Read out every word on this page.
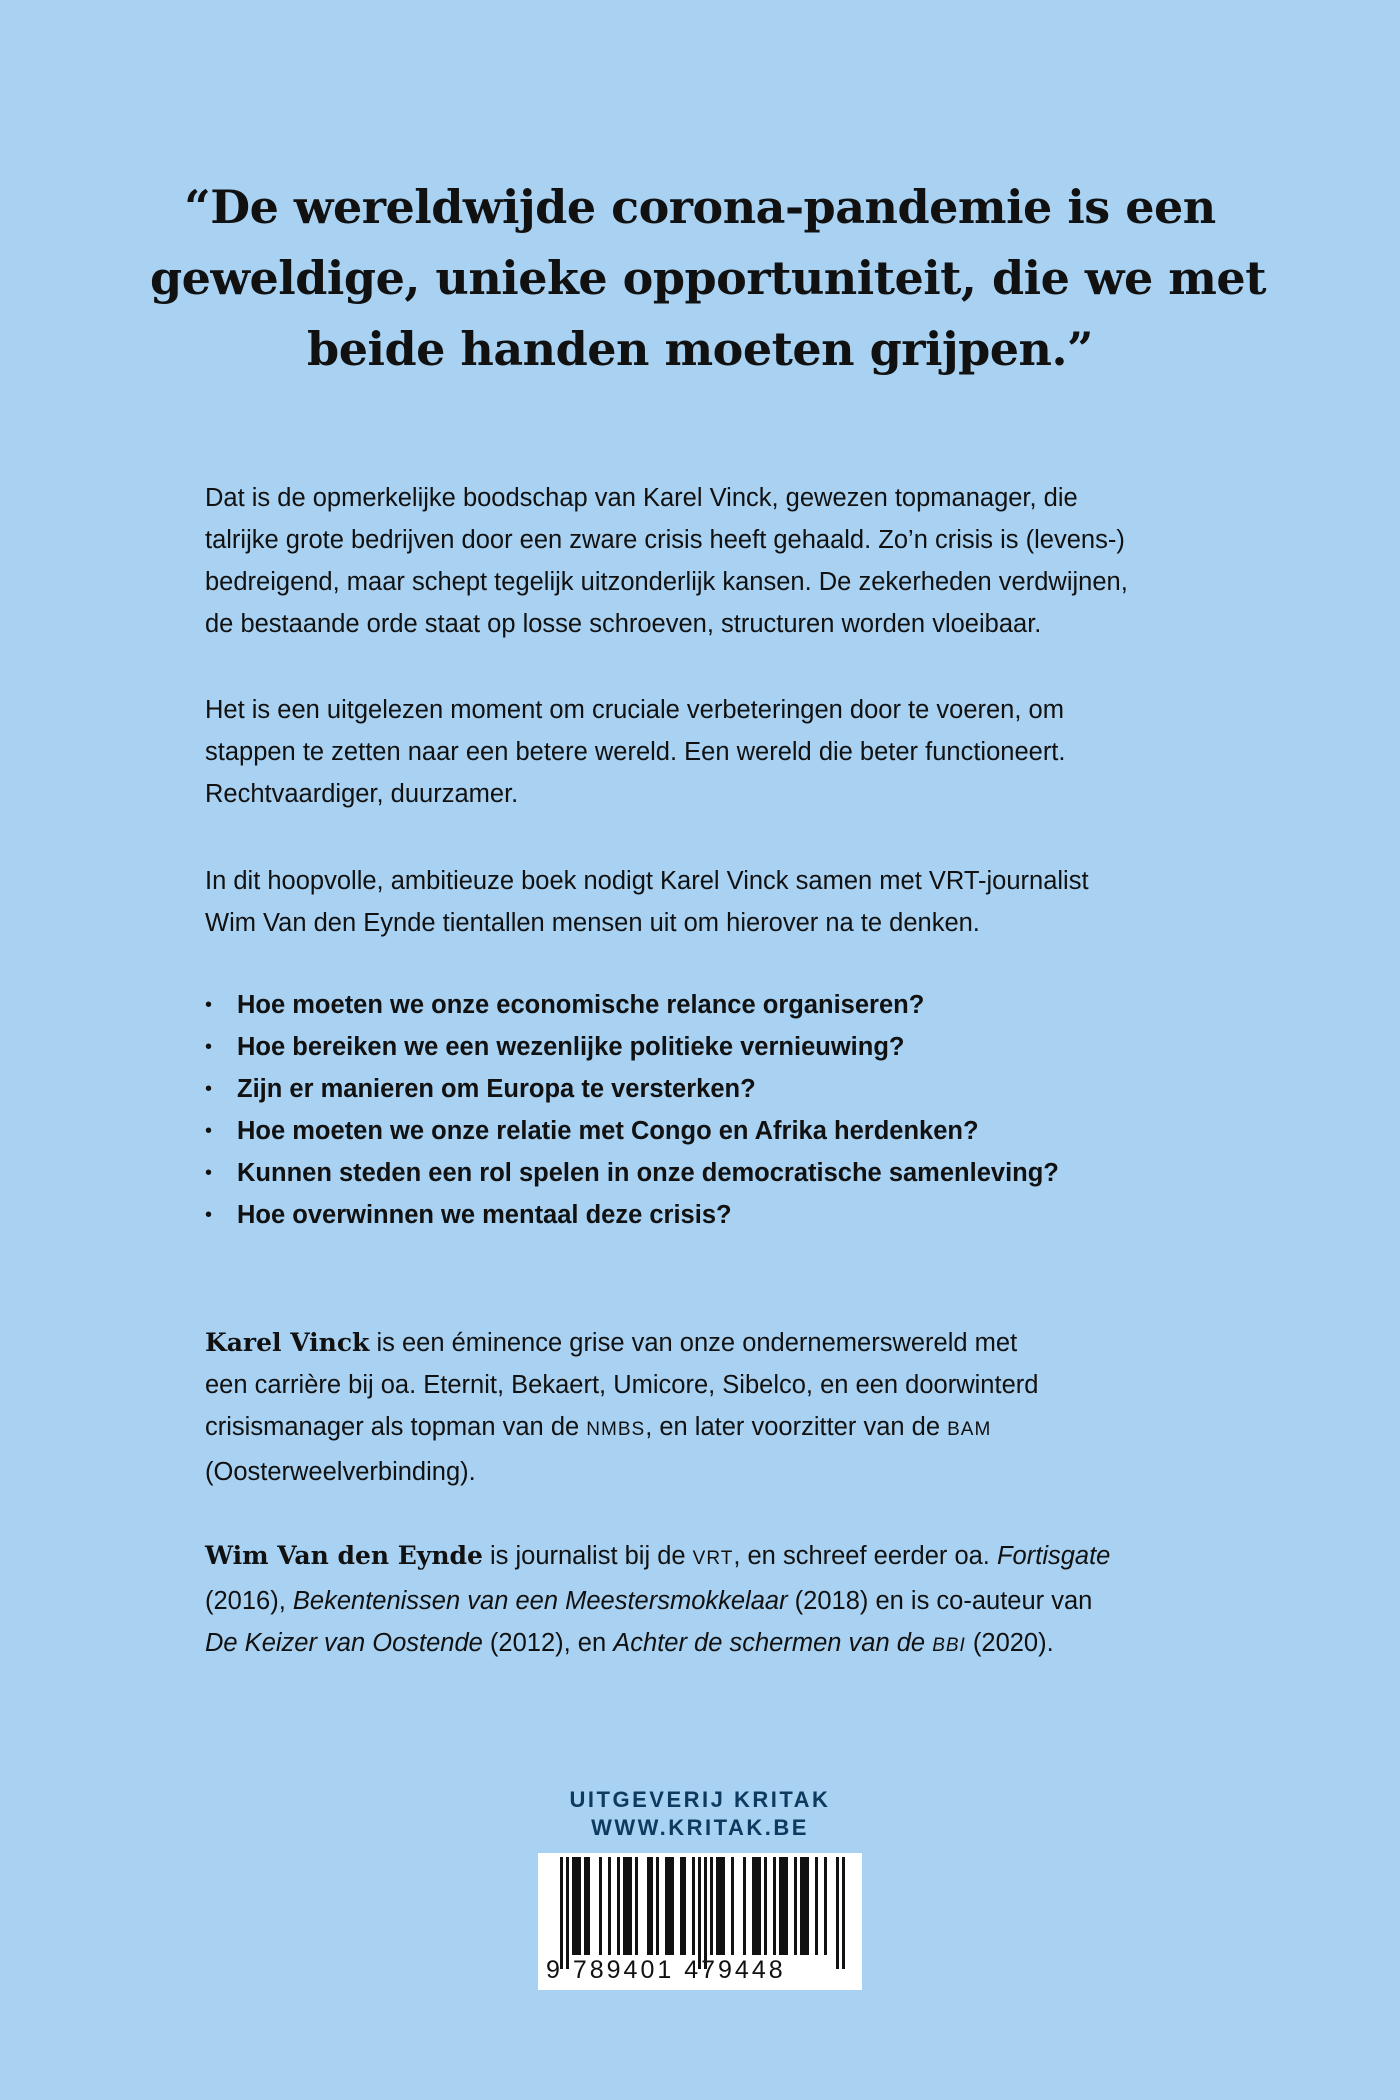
“De wereldwijde corona-pandemie is een
geweldige, unieke opportuniteit, die we met
beide handen moeten grijpen.”

Dat is de opmerkelijke boodschap van Karel Vinck, gewezen topmanager, die
talrijke grote bedrijven door een zware crisis heeft gehaald. Zo’n crisis is (levens-)
bedreigend, maar schept tegelijk uitzonderlijk kansen. De zekerheden verdwijnen,
de bestaande orde staat op losse schroeven, structuren worden vloeibaar.

Het is een uitgelezen moment om cruciale verbeteringen door te voeren, om
stappen te zetten naar een betere wereld. Een wereld die beter functioneert.
Rechtvaardiger, duurzamer.

In dit hoopvolle, ambitieuze boek nodigt Karel Vinck samen met VRT-journalist
Wim Van den Eynde tientallen mensen uit om hierover na te denken.

• Hoe moeten we onze economische relance organiseren?
• Hoe bereiken we een wezenlijke politieke vernieuwing?
• Zijn er manieren om Europa te versterken?
• Hoe moeten we onze relatie met Congo en Afrika herdenken?
• Kunnen steden een rol spelen in onze democratische samenleving?
• Hoe overwinnen we mentaal deze crisis?

Karel Vinck is een éminence grise van onze ondernemerswereld met
een carrière bij oa. Eternit, Bekaert, Umicore, Sibelco, en een doorwinterd
crisismanager als topman van de NMBS, en later voorzitter van de BAM
(Oosterweelverbinding).

Wim Van den Eynde is journalist bij de VRT, en schreef eerder oa. Fortisgate
(2016), Bekentenissen van een Meestersmokkelaar (2018) en is co-auteur van
De Keizer van Oostende (2012), en Achter de schermen van de BBI (2020).

UITGEVERIJ KRITAK
WWW.KRITAK.BE
9 789401 479448
